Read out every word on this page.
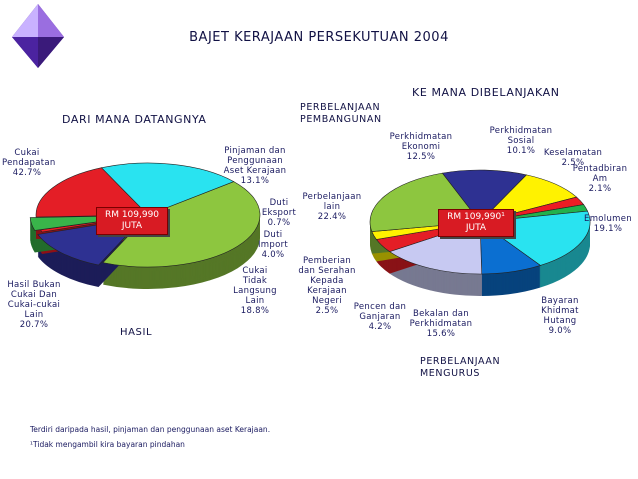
BAJET KERAJAAN PERSEKUTUAN 2004
DARI MANA DATANGNYA
KE MANA DIBELANJAKAN
PERBELANJAAN
PEMBANGUNAN
PERBELANJAAN
MENGURUS
HASIL
RM 109,990
JUTA
RM 109,990¹
JUTA
Cukai
Pendapatan
42.7%
Pinjaman dan
Penggunaan
Aset Kerajaan
13.1%
Duti
Eksport
0.7%
Duti
Import
4.0%
Cukai
Tidak
Langsung
Lain
18.8%
Hasil Bukan
Cukai Dan
Cukai-cukai
Lain
20.7%
Perkhidmatan
Ekonomi
12.5%
Perkhidmatan
Sosial
10.1%	Keselamatan
2.5%
Pentadbiran
Am
2.1%
Emolumen
19.1%
Bayaran
Khidmat
Hutang
9.0%
Bekalan dan
Perkhidmatan
15.6%
Pencen dan
Ganjaran
4.2%
Pemberian
dan Serahan
Kepada
Kerajaan
Negeri
2.5%
Perbelanjaan
lain
22.4%
Terdiri daripada hasil, pinjaman dan penggunaan aset Kerajaan.
¹Tidak mengambil kira bayaran pindahan
